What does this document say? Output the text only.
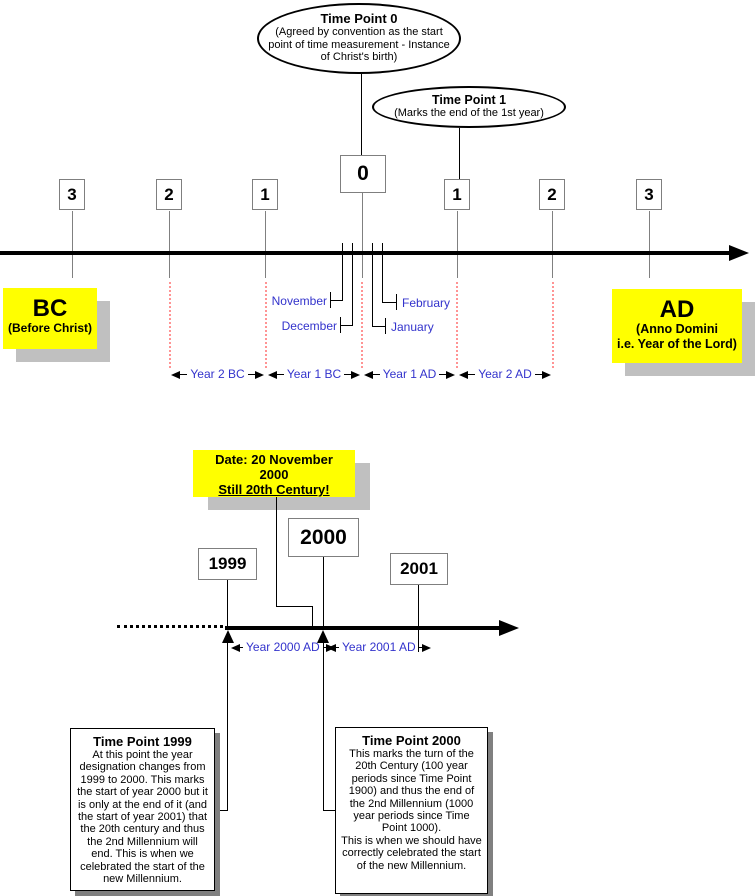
Time Point 0
(Agreed by convention as the start point of time measurement - Instance of Christ's birth)
Time Point 1
(Marks the end of the 1st year)
3	2	1
0
1	2	3
November
December	January
February
Year 2 BC	Year 1 BC	Year 1 AD	Year 2 AD
BC
(Before Christ)
AD
(Anno Domini
i.e. Year of the Lord)
Date: 20 November
2000
Still 20th Century!
1999
2000
2001
Year 2000 AD Year 2001 AD
Time Point 1999
At this point the year designation changes from 1999 to 2000. This marks the start of year 2000 but it is only at the end of it (and the start of year 2001) that the 20th century and thus the 2nd Millennium will end. This is when we celebrated the start of the new Millennium.
Time Point 2000
This marks the turn of the 20th Century (100 year periods since Time Point 1900) and thus the end of the 2nd Millennium (1000 year periods since Time Point 1000).
This is when we should have correctly celebrated the start of the new Millennium.
